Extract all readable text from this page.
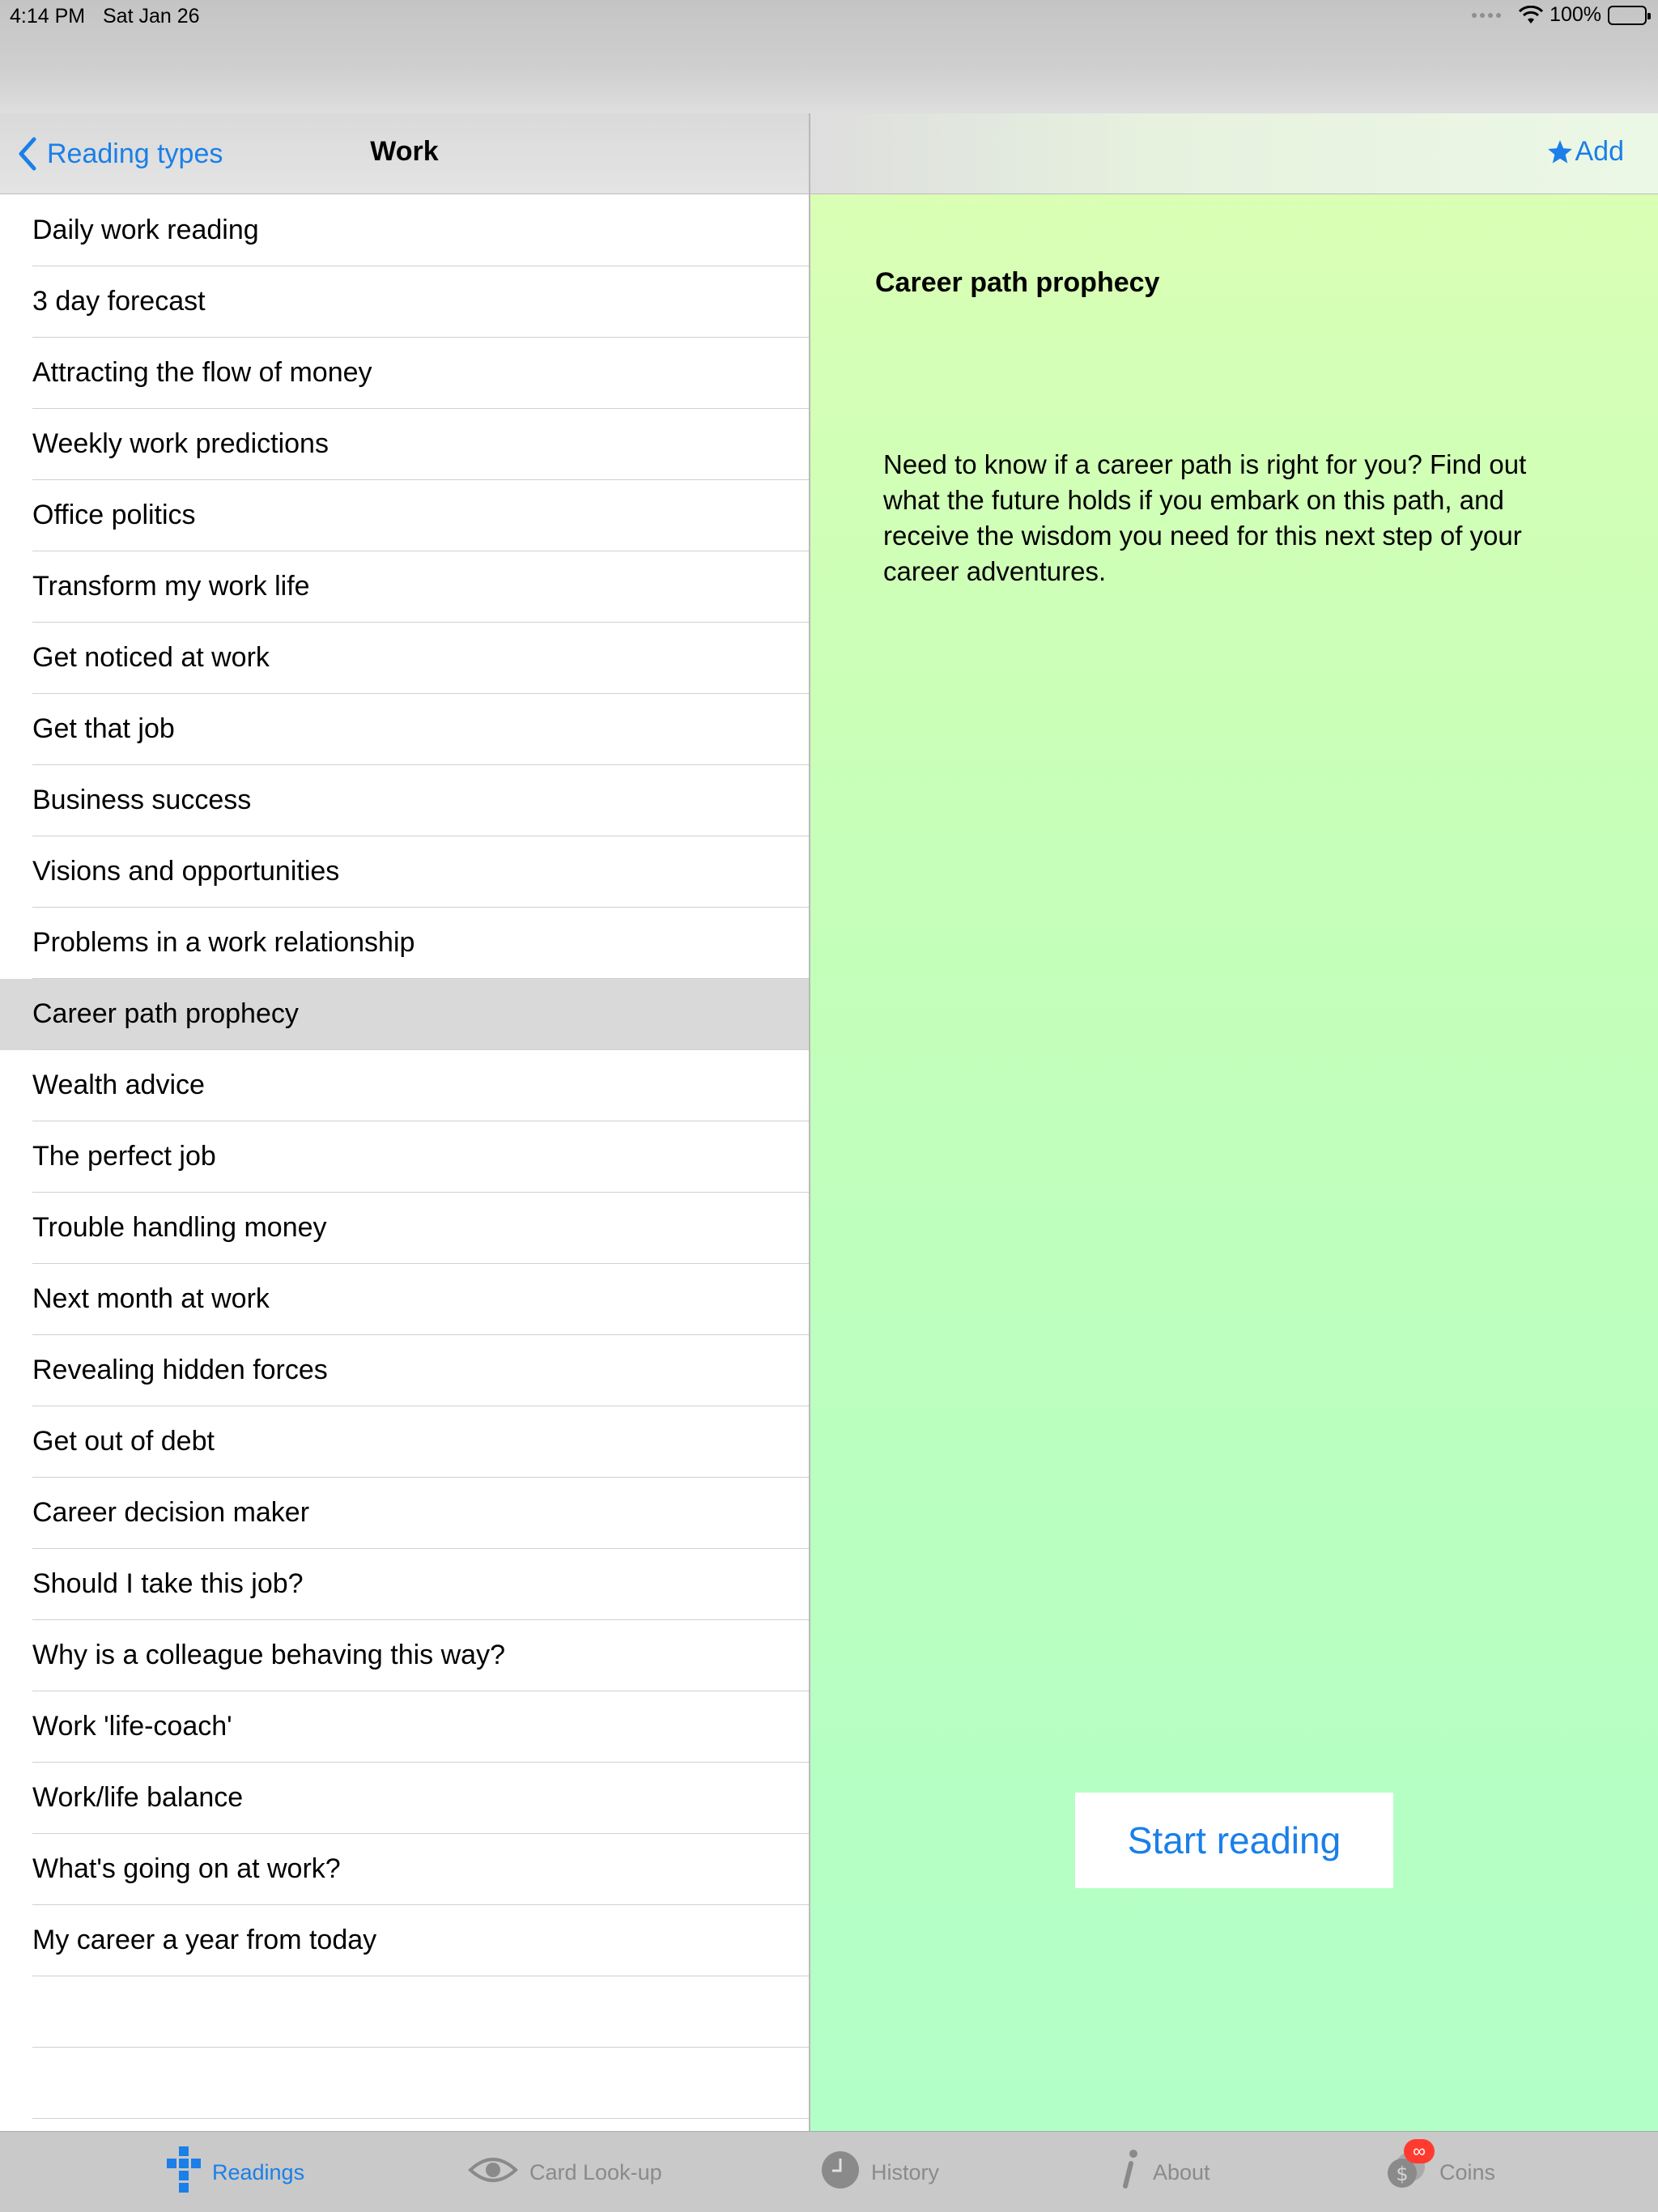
4:14 PM Sat Jan 26	100%
Reading types	Work
Daily work reading
3 day forecast
Attracting the flow of money
Weekly work predictions
Office politics
Transform my work life
Get noticed at work
Get that job
Business success
Visions and opportunities
Problems in a work relationship
Career path prophecy
Wealth advice
The perfect job
Trouble handling money
Next month at work
Revealing hidden forces
Get out of debt
Career decision maker
Should I take this job?
Why is a colleague behaving this way?
Work 'life-coach'
Work/life balance
What's going on at work?
My career a year from today
Add
Career path prophecy
Need to know if a career path is right for you? Find out what the future holds if you embark on this path, and receive the wisdom you need for this next step of your career adventures.
Start reading
Readings	Card Look-up	History	About	$
∞
Coins
